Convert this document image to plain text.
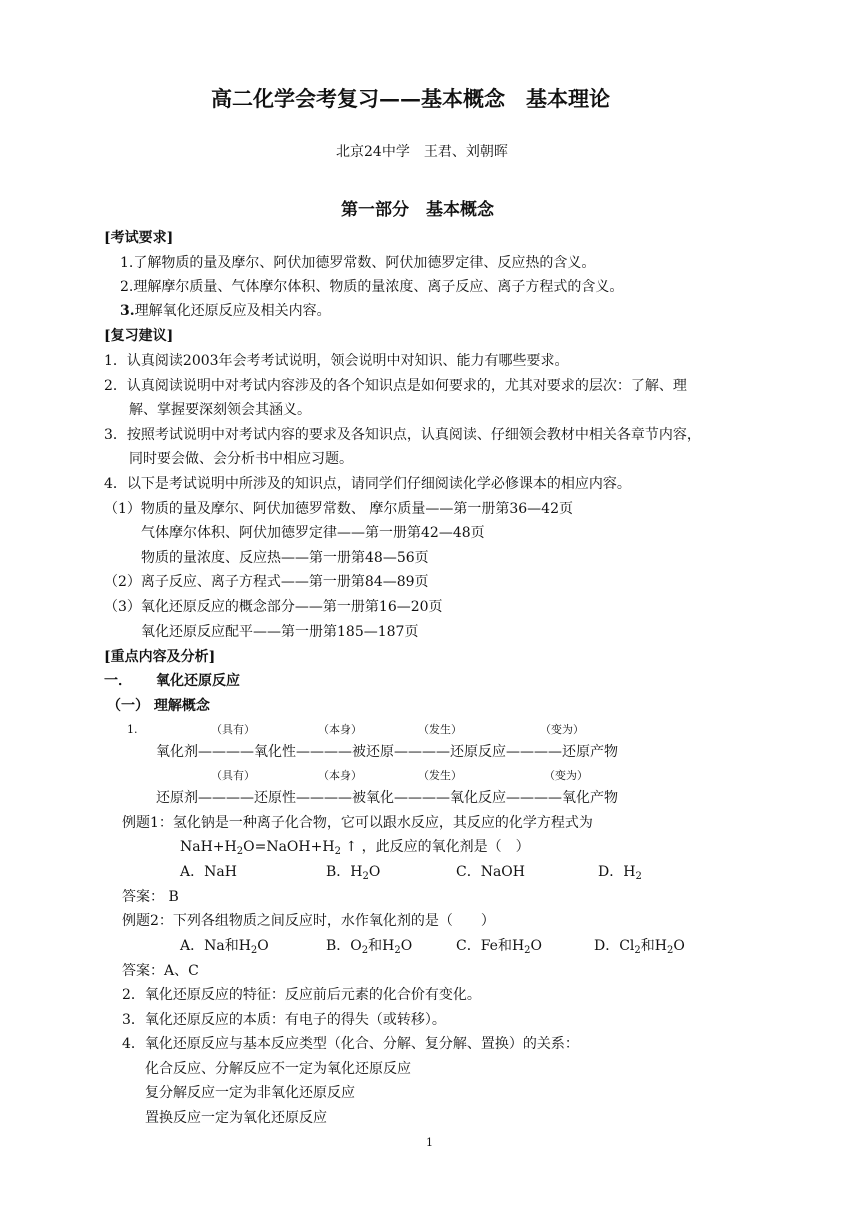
高二化学会考复习——基本概念　基本理论
北京24中学　王君、刘朝晖
第一部分　基本概念
[考试要求]
1.了解物质的量及摩尔、阿伏加德罗常数、阿伏加德罗定律、反应热的含义。
2.理解摩尔质量、气体摩尔体积、物质的量浓度、离子反应、离子方程式的含义。
3.理解氧化还原反应及相关内容。
[复习建议]
1．认真阅读2003年会考考试说明，领会说明中对知识、能力有哪些要求。
2．认真阅读说明中对考试内容涉及的各个知识点是如何要求的，尤其对要求的层次：了解、理
解、掌握要深刻领会其涵义。
3．按照考试说明中对考试内容的要求及各知识点，认真阅读、仔细领会教材中相关各章节内容，
同时要会做、会分析书中相应习题。
4．以下是考试说明中所涉及的知识点，请同学们仔细阅读化学必修课本的相应内容。
（1）物质的量及摩尔、阿伏加德罗常数、 摩尔质量——第一册第36—42页
气体摩尔体积、阿伏加德罗定律——第一册第42—48页
物质的量浓度、反应热——第一册第48—56页
（2）离子反应、离子方程式——第一册第84—89页
（3）氧化还原反应的概念部分——第一册第16—20页
氧化还原反应配平——第一册第185—187页
[重点内容及分析]
一． 氧化还原反应
（一） 理解概念
1.	（具有）	（本身）	（发生）	（变为）
氧化剂————氧化性————被还原————还原反应————还原产物
（具有）	（本身）	（发生）	（变为）
还原剂————还原性————被氧化————氧化反应————氧化产物
例题1：氢化钠是一种离子化合物，它可以跟水反应，其反应的化学方程式为
$NaH+H_2O=NaOH+H_2$ ↑ ，此反应的氧化剂是（　）
A．NaH	B．$H_2O$	C．NaOH	D．$H_2$
答案： B
例题2：下列各组物质之间反应时，水作氧化剂的是（　　）
A．Na和$H_2O$	B．$O_2$和$H_2O$	C．Fe和$H_2O$	D．$Cl_2$和$H_2O$
答案：A、C
2．氧化还原反应的特征：反应前后元素的化合价有变化。
3．氧化还原反应的本质：有电子的得失（或转移）。
4．氧化还原反应与基本反应类型（化合、分解、复分解、置换）的关系：
化合反应、分解反应不一定为氧化还原反应
复分解反应一定为非氧化还原反应
置换反应一定为氧化还原反应
1
